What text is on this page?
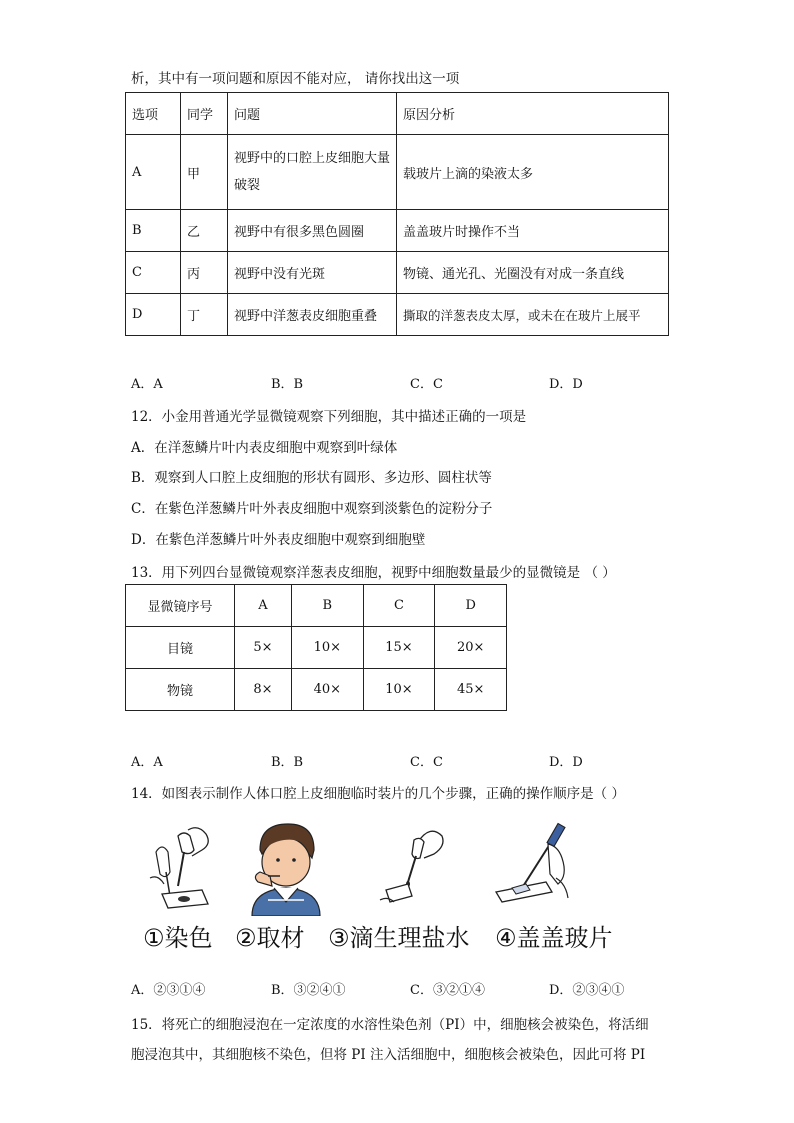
析，其中有一项问题和原因不能对应， 请你找出这一项
选项	同学	问题	原因分析
A	甲	视野中的口腔上皮细胞大量破裂	载玻片上滴的染液太多
B	乙	视野中有很多黑色圆圈	盖盖玻片时操作不当
C	丙	视野中没有光斑	物镜、通光孔、光圈没有对成一条直线
D	丁	视野中洋葱表皮细胞重叠	撕取的洋葱表皮太厚，或未在在玻片上展平
A．A	B．B	C．C	D．D
12．小金用普通光学显微镜观察下列细胞，其中描述正确的一项是
A．在洋葱鳞片叶内表皮细胞中观察到叶绿体
B．观察到人口腔上皮细胞的形状有圆形、多边形、圆柱状等
C．在紫色洋葱鳞片叶外表皮细胞中观察到淡紫色的淀粉分子
D．在紫色洋葱鳞片叶外表皮细胞中观察到细胞壁
13．用下列四台显微镜观察洋葱表皮细胞，视野中细胞数量最少的显微镜是 （ ）
显微镜序号	A	B	C	D
目镜	5×	10×	15×	20×
物镜	8×	40×	10×	45×
A．A	B．B	C．C	D．D
14．如图表示制作人体口腔上皮细胞临时装片的几个步骤，正确的操作顺序是（ ）
①染色 ②取材 ③滴生理盐水 ④盖盖玻片
A．②③①④	B．③②④①	C．③②①④	D．②③④①
15．将死亡的细胞浸泡在一定浓度的水溶性染色剂（PI）中，细胞核会被染色，将活细
胞浸泡其中，其细胞核不染色，但将 PI 注入活细胞中，细胞核会被染色，因此可将 PI
